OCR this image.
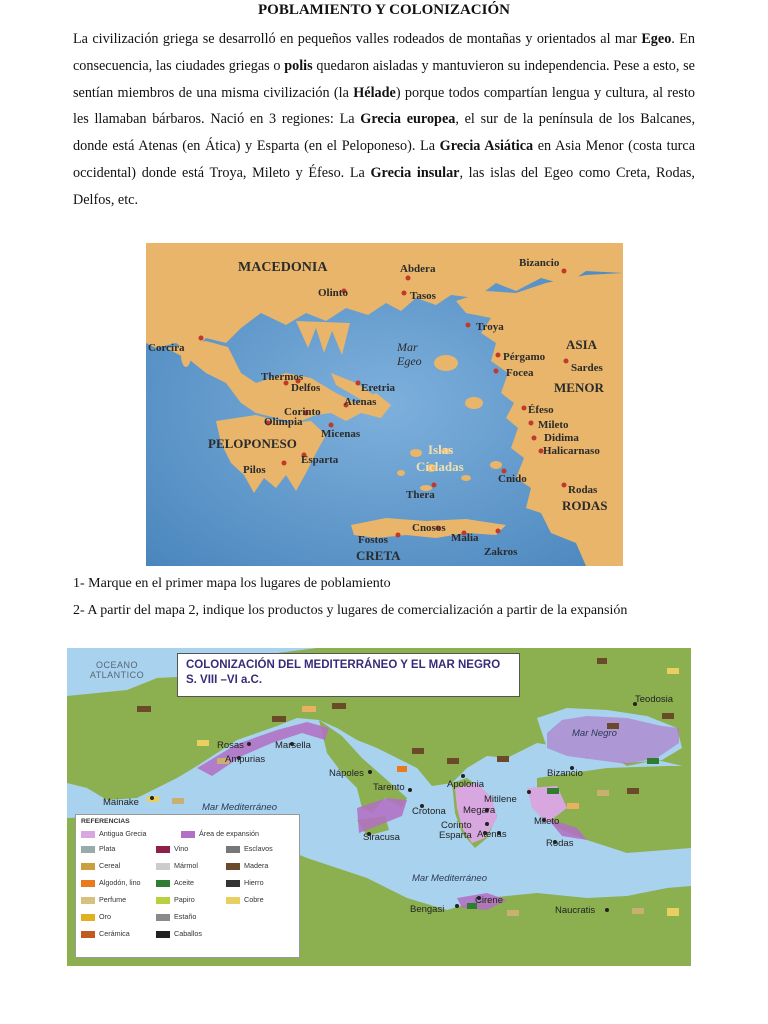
POBLAMIENTO Y COLONIZACIÓN
La civilización griega se desarrolló en pequeños valles rodeados de montañas y orientados al mar Egeo. En consecuencia, las ciudades griegas o polis quedaron aisladas y mantuvieron su independencia. Pese a esto, se sentían miembros de una misma civilización (la Hélade) porque todos compartían lengua y cultura, al resto les llamaban bárbaros. Nació en 3 regiones: La Grecia europea, el sur de la península de los Balcanes, donde está Atenas (en Ática) y Esparta (en el Peloponeso). La Grecia Asiática en Asia Menor (costa turca occidental) donde está Troya, Mileto y Éfeso. La Grecia insular, las islas del Egeo como Creta, Rodas, Delfos, etc.
MACEDONIA	Abdera	Bizancio
Olinto	Tasos
Troya
ASIA
Corcira	Mar
Egeo	Pérgamo
Sardes
Focea
MENOR
Thermos
Delfos	Eretria
Atenas
Corinto
Olimpia
Micenas
Éfeso
Mileto
Didima
Halicarnaso
PELOPONESO	Islas
Cícladas
Pilos
Esparta
Cnido
Thera	Rodas
RODAS
Cnosos
Fostos	Malia
CRETA	Zakros
1- Marque en el primer mapa los lugares de poblamiento
2- A partir del mapa 2, indique los productos y lugares de comercialización a partir de la expansión
Teodosia
Rosas	Marsella
Ampurias
Nápoles
Apolonia
Bizancio
Tarento
Mitilene
Mainake
Crotona Megara
Mileto
Corinto
Esparta Atenas
Siracusa
Rodas
Cirene
Bengasi	Naucratis
Mar Negro
Mar Mediterráneo
Mar Mediterráneo
OCEANO
ATLANTICO
COLONIZACIÓN DEL MEDITERRÁNEO Y EL MAR NEGRO
S. VIII –VI a.C.
REFERENCIAS
Antigua Grecia	Área de expansión
Plata	Vino	Esclavos
Cereal	Mármol	Madera
Algodón, lino	Aceite	Hierro
Perfume	Papiro	Cobre
Oro	Estaño
Cerámica	Caballos
